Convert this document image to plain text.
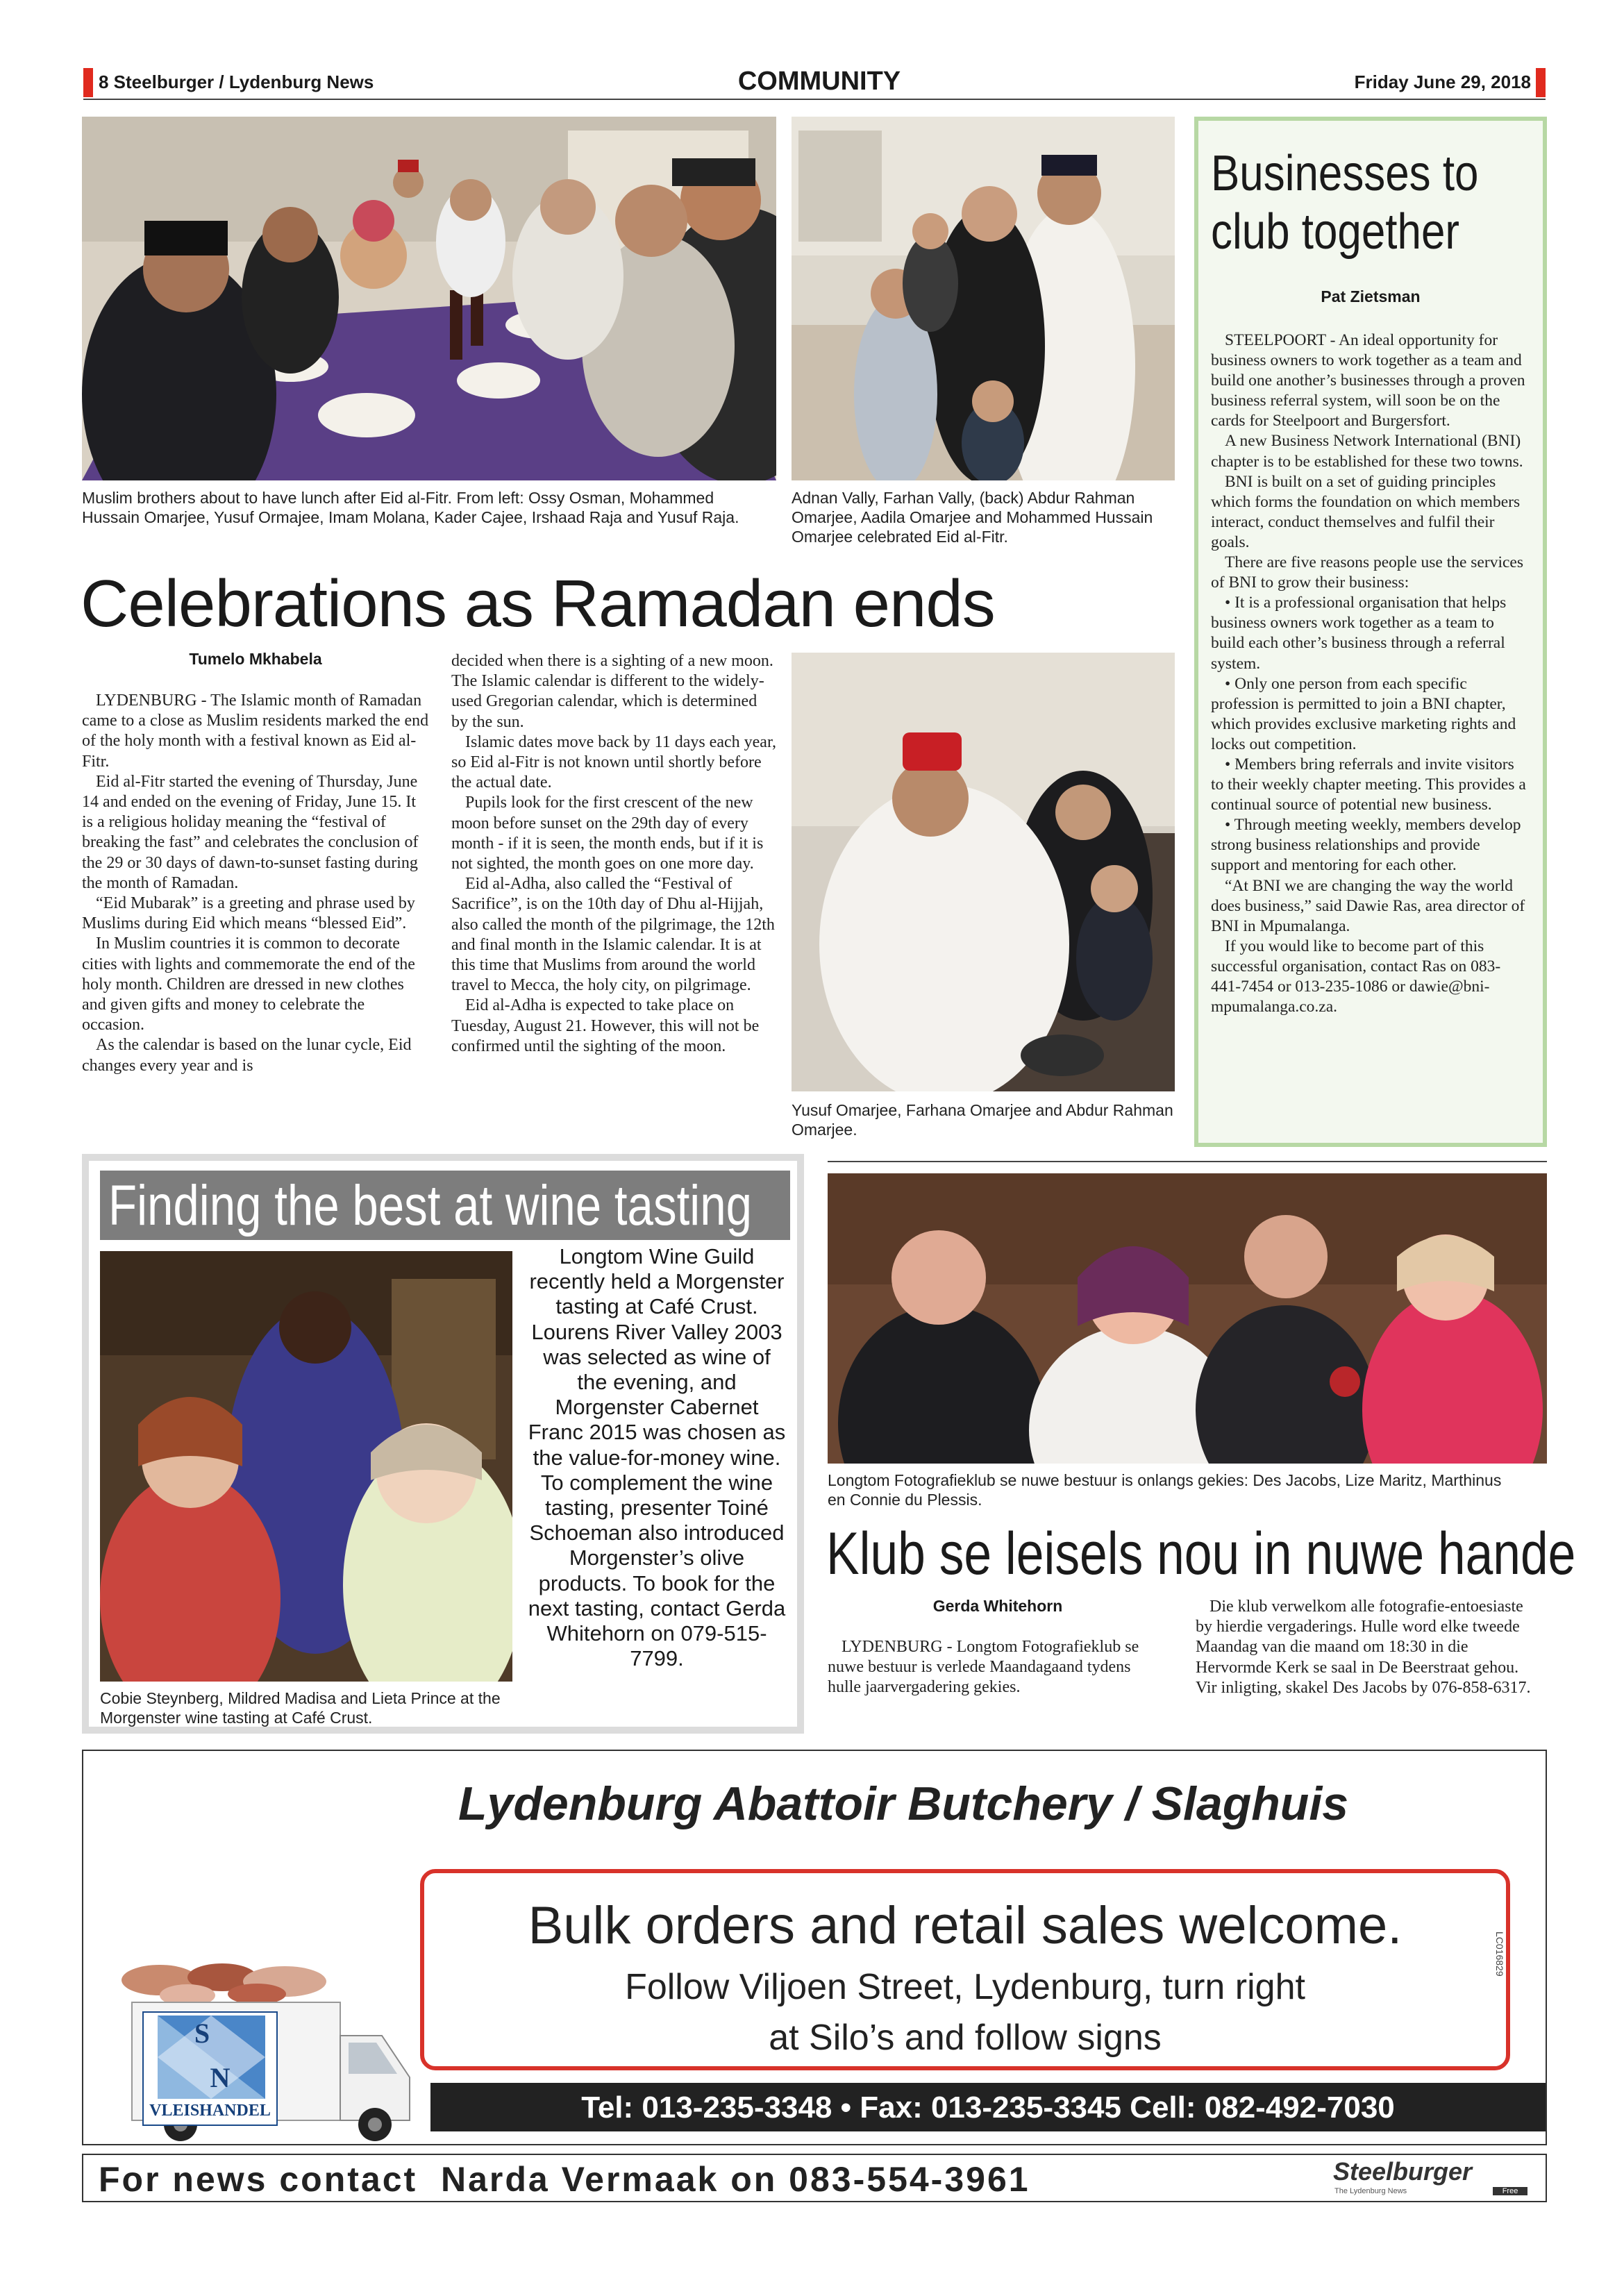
8 Steelburger / Lydenburg News	COMMUNITY	Friday June 29, 2018
Muslim brothers about to have lunch after Eid al-Fitr. From left: Ossy Osman, Mohammed Hussain Omarjee, Yusuf Ormajee, Imam Molana, Kader Cajee, Irshaad Raja and Yusuf Raja.
Adnan Vally, Farhan Vally, (back) Abdur Rahman Omarjee, Aadila Omarjee and Mohammed Hussain Omarjee celebrated Eid al-Fitr.
Celebrations as Ramadan ends
Tumelo Mkhabela

LYDENBURG - The Islamic month of Ramadan came to a close as Muslim residents marked the end of the holy month with a festival known as Eid al-Fitr.

Eid al-Fitr started the evening of Thursday, June 14 and ended on the evening of Friday, June 15. It is a religious holiday meaning the “festival of breaking the fast” and celebrates the conclusion of the 29 or 30 days of dawn-to-sunset fasting during the month of Ramadan.

“Eid Mubarak” is a greeting and phrase used by Muslims during Eid which means “blessed Eid”.

In Muslim countries it is common to decorate cities with lights and commemorate the end of the holy month. Children are dressed in new clothes and given gifts and money to celebrate the occasion.

As the calendar is based on the lunar cycle, Eid changes every year and is

decided when there is a sighting of a new moon. The Islamic calendar is different to the widely-used Gregorian calendar, which is determined by the sun.

Islamic dates move back by 11 days each year, so Eid al-Fitr is not known until shortly before the actual date.

Pupils look for the first crescent of the new moon before sunset on the 29th day of every month - if it is seen, the month ends, but if it is not sighted, the month goes on one more day.

Eid al-Adha, also called the “Festival of Sacrifice”, is on the 10th day of Dhu al-Hijjah, also called the month of the pilgrimage, the 12th and final month in the Islamic calendar. It is at this time that Muslims from around the world travel to Mecca, the holy city, on pilgrimage.

Eid al-Adha is expected to take place on Tuesday, August 21. However, this will not be confirmed until the sighting of the moon.

Yusuf Omarjee, Farhana Omarjee and Abdur Rahman Omarjee.
Businesses to
club together
Pat Zietsman

STEELPOORT - An ideal opportunity for business owners to work together as a team and build one another’s businesses through a proven business referral system, will soon be on the cards for Steelpoort and Burgersfort.

A new Business Network International (BNI) chapter is to be established for these two towns.

BNI is built on a set of guiding principles which forms the foundation on which members interact, conduct themselves and fulfil their goals.

There are five reasons people use the services of BNI to grow their business:

• It is a professional organisation that helps business owners work together as a team to build each other’s business through a referral system.

• Only one person from each specific profession is permitted to join a BNI chapter, which provides exclusive marketing rights and locks out competition.

• Members bring referrals and invite visitors to their weekly chapter meeting. This provides a continual source of potential new business.

• Through meeting weekly, members develop strong business relationships and provide support and mentoring for each other.

“At BNI we are changing the way the world does business,” said Dawie Ras, area director of BNI in Mpumalanga.

If you would like to become part of this successful organisation, contact Ras on 083-441-7454 or 013-235-1086 or dawie@bni-mpumalanga.co.za.

Finding the best at wine tasting
Cobie Steynberg, Mildred Madisa and Lieta Prince at the Morgenster wine tasting at Café Crust.
Longtom Wine Guild recently held a Morgenster tasting at Café Crust. Lourens River Valley 2003 was selected as wine of the evening, and Morgenster Cabernet Franc 2015 was chosen as the value-for-money wine. To complement the wine tasting, presenter Toiné Schoeman also introduced Morgenster’s olive products. To book for the next tasting, contact Gerda Whitehorn on 079-515-7799.
Longtom Fotografieklub se nuwe bestuur is onlangs gekies: Des Jacobs, Lize Maritz, Marthinus en Connie du Plessis.
Klub se leisels nou in nuwe hande
Gerda Whitehorn

LYDENBURG - Longtom Fotografieklub se nuwe bestuur is verlede Maandagaand tydens hulle jaarvergadering gekies.

Die klub verwelkom alle fotografie-entoesiaste by hierdie vergaderings. Hulle word elke tweede Maandag van die maand om 18:30 in die Hervormde Kerk se saal in De Beerstraat gehou. Vir inligting, skakel Des Jacobs by 076-858-6317.

Lydenburg Abattoir Butchery / Slaghuis
Bulk orders and retail sales welcome.
Follow Viljoen Street, Lydenburg, turn right
at Silo’s and follow signs
LC016829
S
N
VLEISHANDEL	Tel: 013-235-3348 • Fax: 013-235-3345 Cell: 082-492-7030
For news contact  Narda Vermaak on 083-554-3961	Steelburger
The Lydenburg News	Free
